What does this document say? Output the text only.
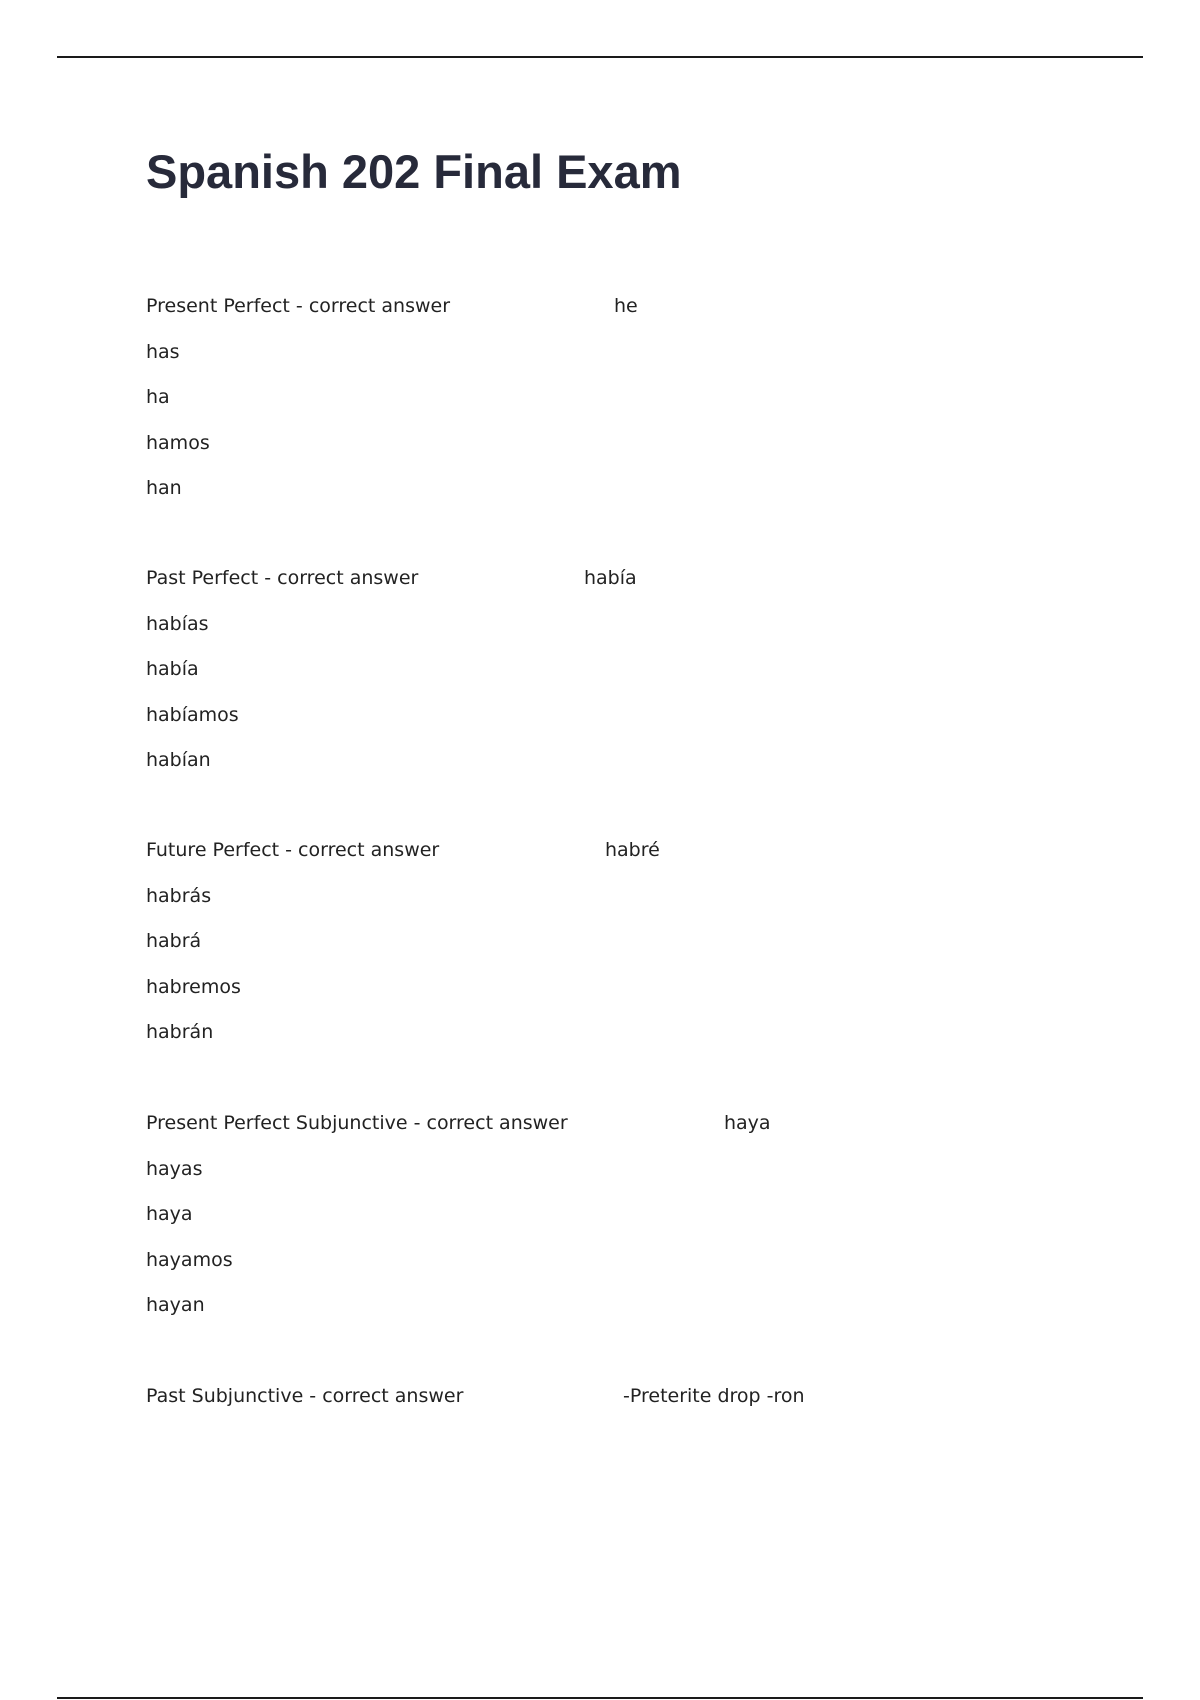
Spanish 202 Final Exam
Present Perfect - correct answer	he
has
ha
hamos
han
Past Perfect - correct answer	había
habías
había
habíamos
habían
Future Perfect - correct answer	habré
habrás
habrá
habremos
habrán
Present Perfect Subjunctive - correct answer	haya
hayas
haya
hayamos
hayan
Past Subjunctive - correct answer	-Preterite drop -ron
